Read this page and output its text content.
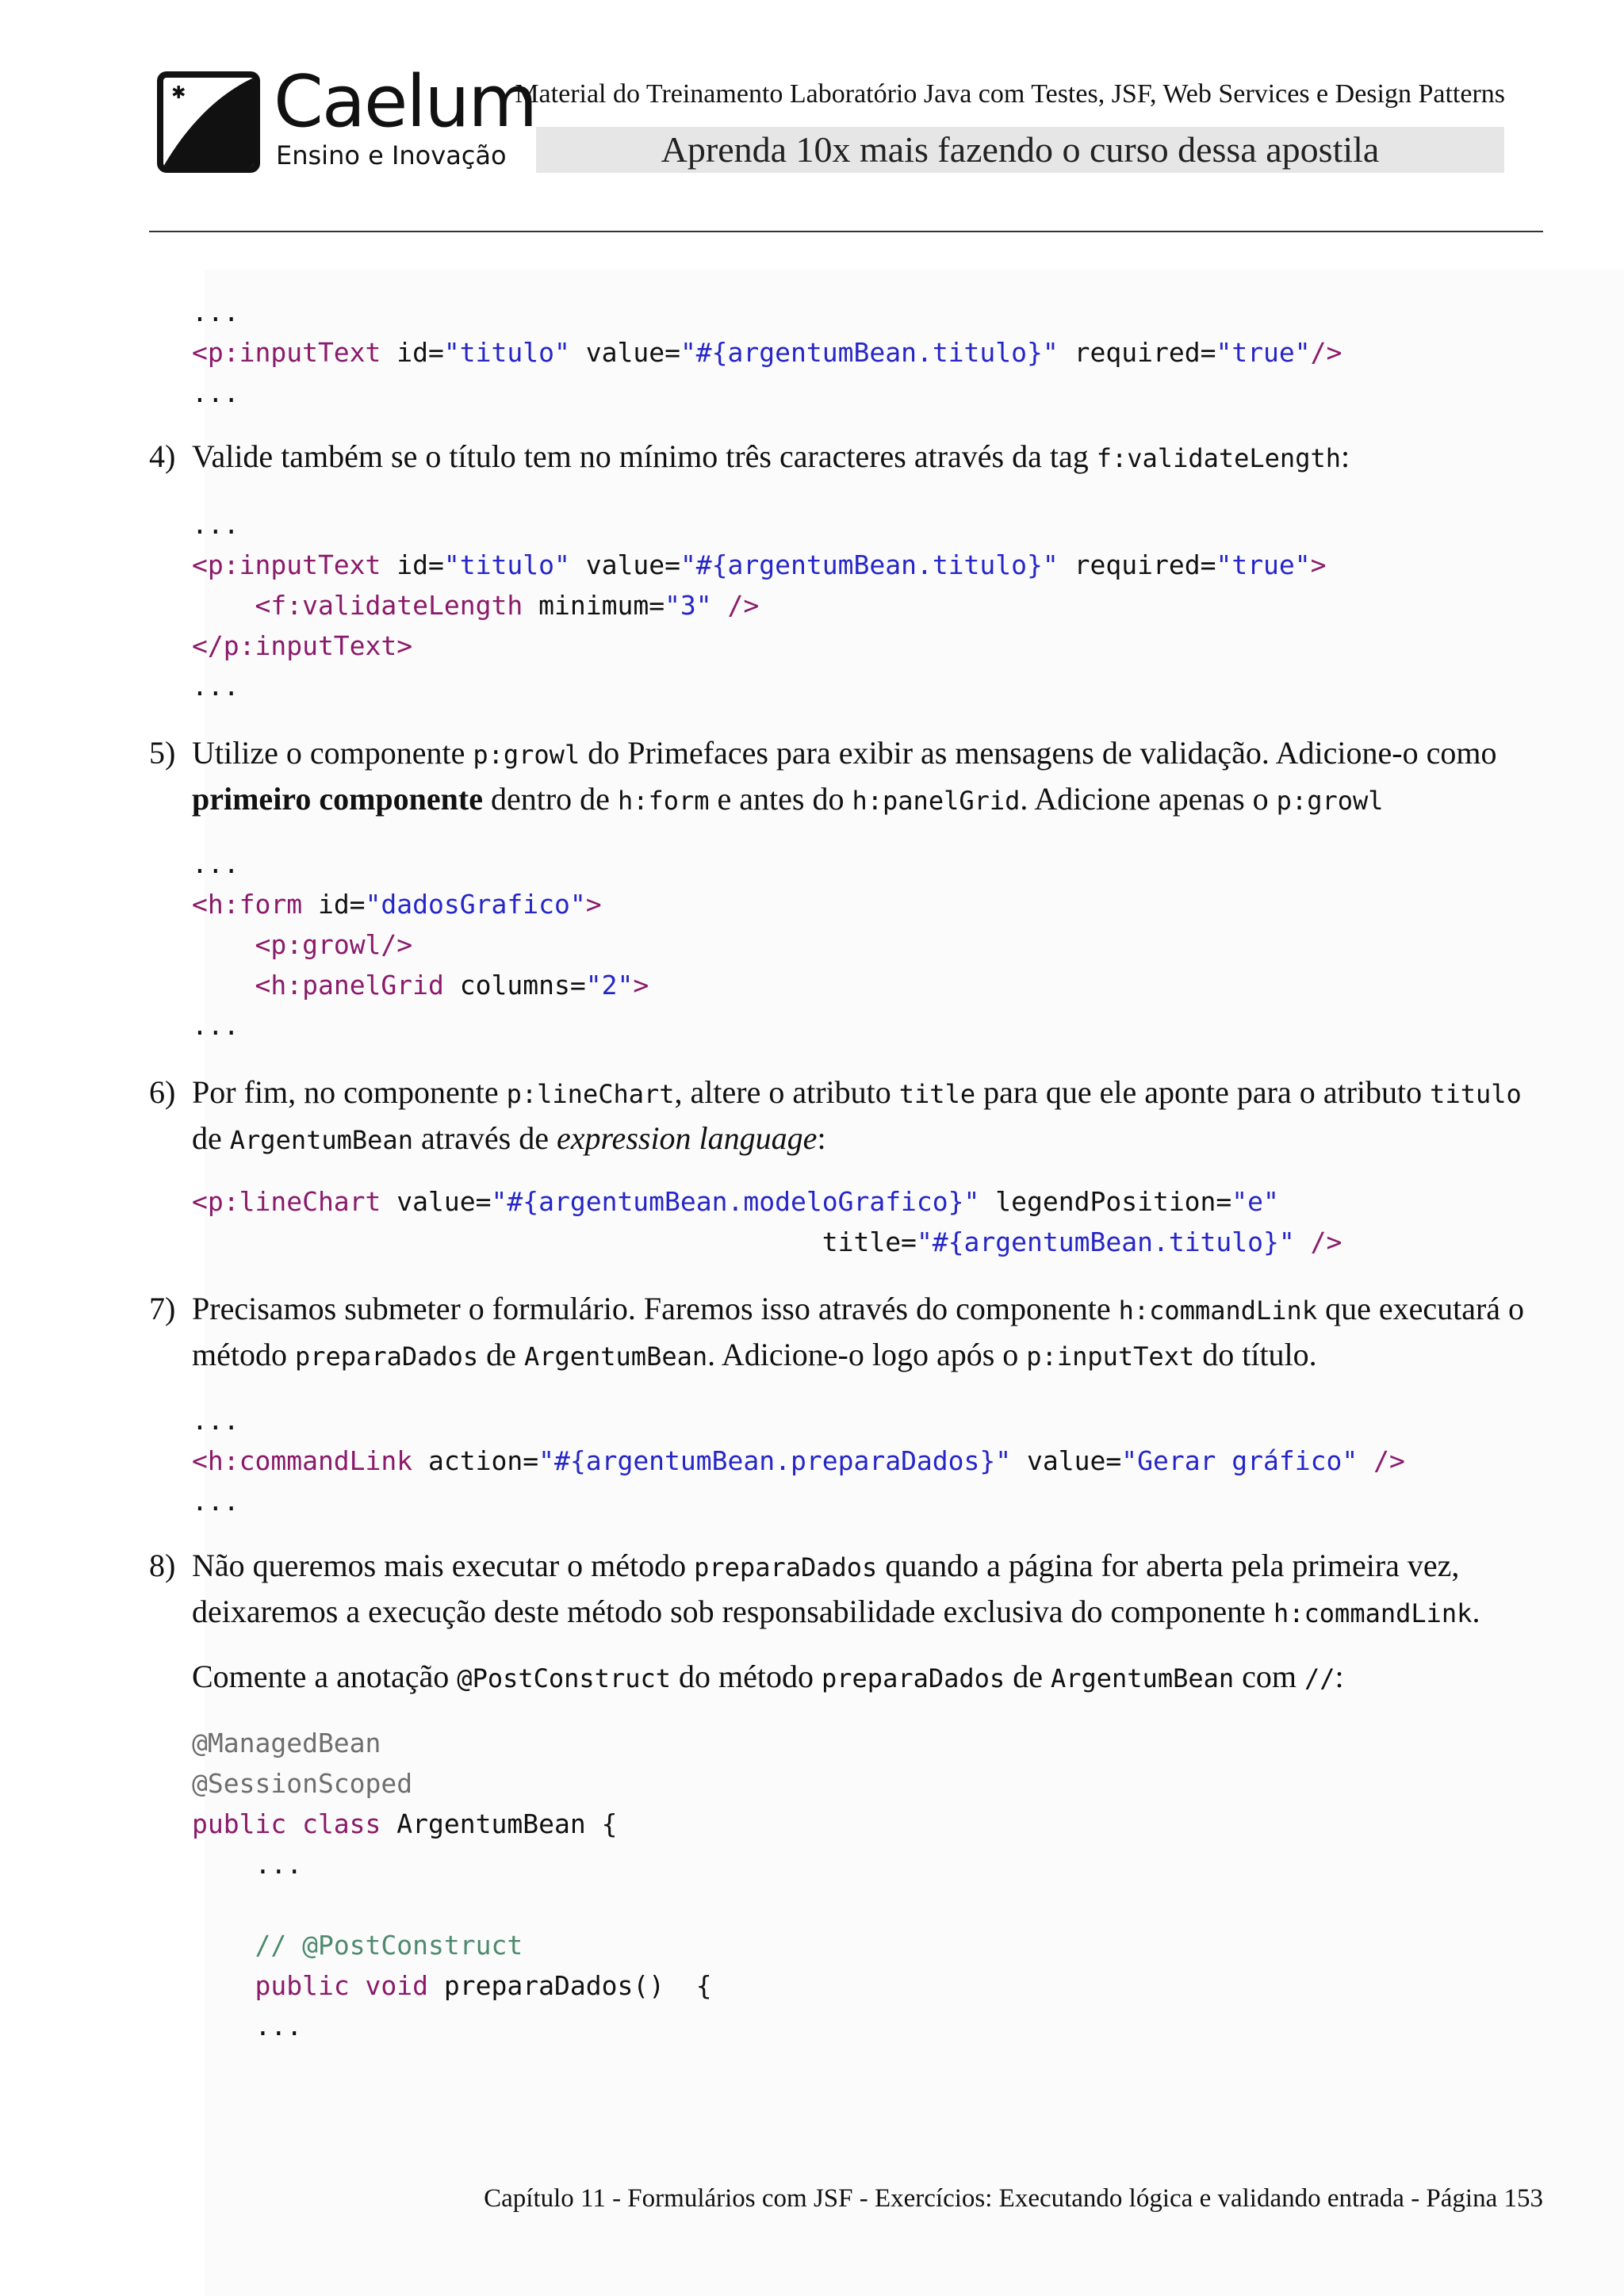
✱ Caelum
Ensino e Inovação
Material do Treinamento Laboratório Java com Testes, JSF, Web Services e Design Patterns
Aprenda 10x mais fazendo o curso dessa apostila
...
<p:inputText id="titulo" value="#{argentumBean.titulo}" required="true"/>
...
4) Valide também se o título tem no mínimo três caracteres através da tag f:validateLength:
...
<p:inputText id="titulo" value="#{argentumBean.titulo}" required="true">
<f:validateLength minimum="3" />
</p:inputText>
...
5) Utilize o componente p:growl do Primefaces para exibir as mensagens de validação. Adicione-o como primeiro componente dentro de h:form e antes do h:panelGrid. Adicione apenas o p:growl
...
<h:form id="dadosGrafico">
<p:growl/>
<h:panelGrid columns="2">
...
6) Por fim, no componente p:lineChart, altere o atributo title para que ele aponte para o atributo titulo de ArgentumBean através de expression language:
<p:lineChart value="#{argentumBean.modeloGrafico}" legendPosition="e"
title="#{argentumBean.titulo}" />
7) Precisamos submeter o formulário. Faremos isso através do componente h:commandLink que executará o método preparaDados de ArgentumBean. Adicione-o logo após o p:inputText do título.
...
<h:commandLink action="#{argentumBean.preparaDados}" value="Gerar gráfico" />
...
8) Não queremos mais executar o método preparaDados quando a página for aberta pela primeira vez, deixaremos a execução deste método sob responsabilidade exclusiva do componente h:commandLink.
Comente a anotação @PostConstruct do método preparaDados de ArgentumBean com //:
@ManagedBean
@SessionScoped
public class ArgentumBean {
...

// @PostConstruct
public void preparaDados()  {
...
Capítulo 11 - Formulários com JSF - Exercícios: Executando lógica e validando entrada - Página 153
